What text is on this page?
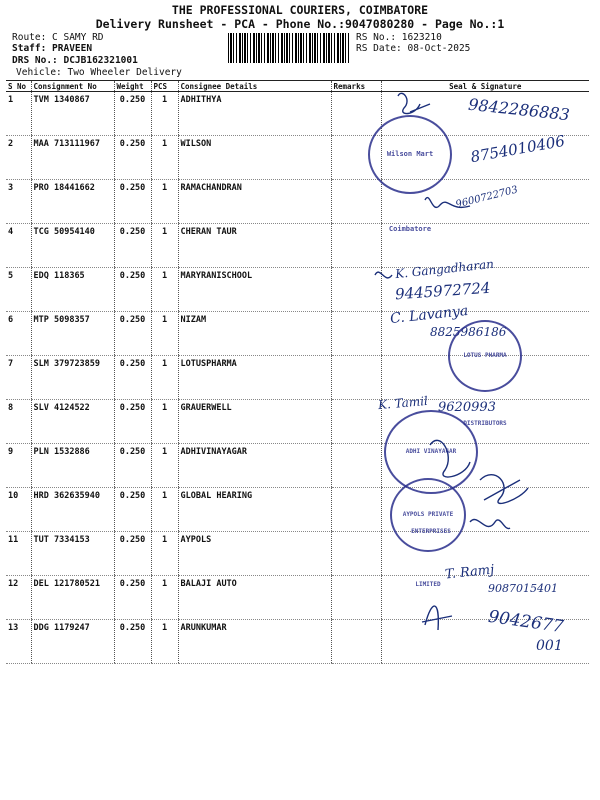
THE PROFESSIONAL COURIERS, COIMBATORE
Delivery Runsheet - PCA - Phone No.:9047080280 - Page No.:1
Route: C SAMY RD
Staff: PRAVEEN
DRS No.: DCJB162321001
Vehicle: Two Wheeler Delivery
RS No.: 1623210
RS Date: 08-Oct-2025
S No	Consignment No	Weight	PCS	Consignee Details	Remarks	Seal & Signature
1	TVM 1340867	0.250	1	ADHITHYA		
2	MAA 713111967	0.250	1	WILSON		
3	PRO 18441662	0.250	1	RAMACHANDRAN		
4	TCG 50954140	0.250	1	CHERAN TAUR		
5	EDQ 118365	0.250	1	MARYRANISCHOOL		
6	MTP 5098357	0.250	1	NIZAM		
7	SLM 379723859	0.250	1	LOTUSPHARMA		
8	SLV 4124522	0.250	1	GRAUERWELL		
9	PLN 1532886	0.250	1	ADHIVINAYAGAR		
10	HRD 362635940	0.250	1	GLOBAL HEARING		
11	TUT 7334153	0.250	1	AYPOLS		
12	DEL 121780521	0.250	1	BALAJI AUTO		
13	DDG 1179247	0.250	1	ARUNKUMAR		
9842286883
8754010406
9600722703
K. Gangadharan
9445972724
C. Lavanya
8825986186
K. Tamil 9620993
T. Ramj
9087015401
9042677
001
Wilson Mart Coimbatore
LOTUS PHARMA DISTRIBUTORS
ADHI VINAYAGAR ENTERPRISES
AYPOLS PRIVATE LIMITED
